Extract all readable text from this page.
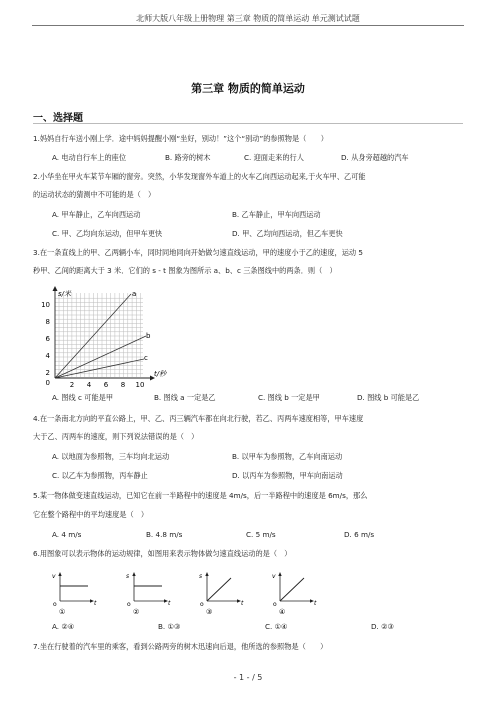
北师大版八年级上册物理 第三章 物质的简单运动 单元测试试题
第三章 物质的简单运动
一、选择题
1.妈妈自行车送小刚上学．途中妈妈提醒小刚“坐好，别动！”这个“别动”的参照物是（　　）
A. 电动自行车上的座位	B. 路旁的树木	C. 迎面走来的行人	D. 从身旁超越的汽车
2.小华坐在甲火车某节车厢的窗旁。突然，小华发现窗外车道上的火车乙向西运动起来,于火车甲、乙可能
的运动状态的猜测中不可能的是（　）
A. 甲车静止，乙车向西运动	B. 乙车静止，甲车向西运动
C. 甲、乙均向东运动，但甲车更快	D. 甲、乙均向西运动，但乙车更快
3.在一条直线上的甲、乙两辆小车，同时同地同向开始做匀速直线运动，甲的速度小于乙的速度，运动 5
秒甲、乙间的距离大于 3 米．它们的 s - t 图象为图所示 a、b、c 三条图线中的两条．则（　）
a
b
c
s/米
t/秒
10
8
6
4
2
0	2 4 6 8 10
A. 图线 c 可能是甲	B. 图线 a 一定是乙	C. 图线 b 一定是甲	D. 图线 b 可能是乙
4.在一条南北方向的平直公路上，甲、乙、丙三辆汽车都在向北行驶，若乙、丙两车速度相等，甲车速度
大于乙、丙两车的速度，则下列说法错误的是（　）
A. 以地面为参照物，三车均向北运动	B. 以甲车为参照物，乙车向南运动
C. 以乙车为参照物，丙车静止	D. 以丙车为参照物，甲车向南运动
5.某一物体做变速直线运动，已知它在前一半路程中的速度是 4m/s，后一半路程中的速度是 6m/s，那么
它在整个路程中的平均速度是（　）
A. 4 m/s	B. 4.8 m/s	C. 5 m/s	D. 6 m/s
6.用图象可以表示物体的运动规律，如图用来表示物体做匀速直线运动的是（　）
v
t
o
①
s
t
o
②
s
t
o
③
v
t
o
④
A. ②④	B. ①③	C. ①④	D. ②③
7.坐在行驶着的汽车里的乘客，看到公路两旁的树木迅速向后退，他所选的参照物是（　　）
- 1 - / 5
